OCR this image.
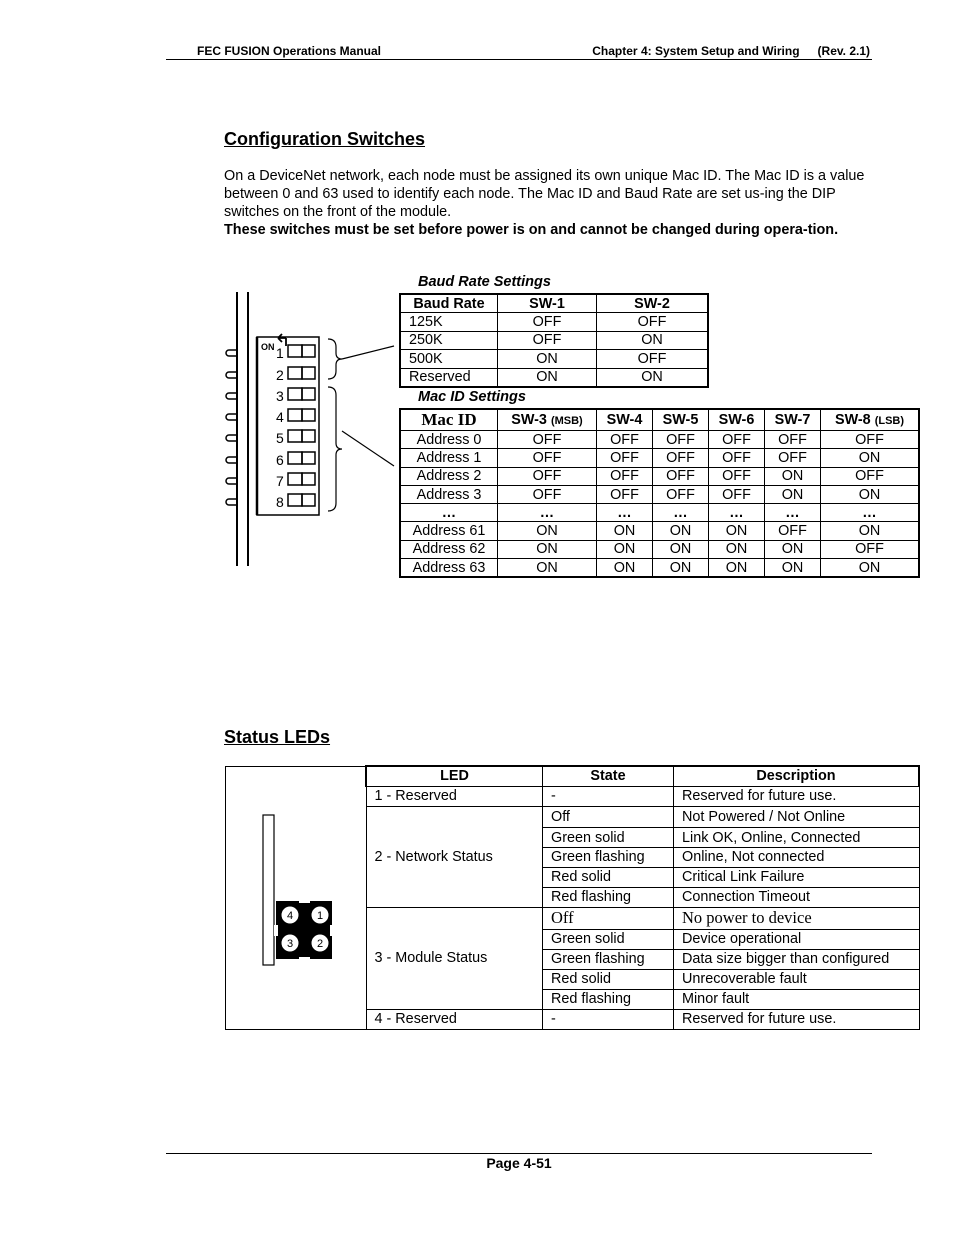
FEC FUSION Operations Manual	Chapter 4: System Setup and Wiring (Rev. 2.1)
Configuration Switches
On a DeviceNet network, each node must be assigned its own unique Mac ID. The Mac ID is a value between 0 and 63 used to identify each node. The Mac ID and Baud Rate are set us-ing the DIP switches on the front of the module.
These switches must be set before power is on and cannot be changed during opera-tion.
ON 1
2
3
4
5
6
7
8
Baud Rate Settings
Baud Rate	SW-1	SW-2
125K	OFF	OFF
250K	OFF	ON
500K	ON	OFF
Reserved	ON	ON
Mac ID Settings
Mac ID	SW-3 (MSB)	SW-4	SW-5	SW-6	SW-7	SW-8 (LSB)
Address 0	OFF	OFF	OFF	OFF	OFF	OFF
Address 1	OFF	OFF	OFF	OFF	OFF	ON
Address 2	OFF	OFF	OFF	OFF	ON	OFF
Address 3	OFF	OFF	OFF	OFF	ON	ON
…	…	…	…	…	…	…
Address 61	ON	ON	ON	ON	OFF	ON
Address 62	ON	ON	ON	ON	ON	OFF
Address 63	ON	ON	ON	ON	ON	ON
Status LEDs
4 1
3 2	LED	State	Description
	1 - Reserved	-	Reserved for future use.
	2 - Network Status	Off	Not Powered / Not Online
		Green solid	Link OK, Online, Connected
		Green flashing	Online, Not connected
		Red solid	Critical Link Failure
		Red flashing	Connection Timeout
	3 - Module Status	Off	No power to device
		Green solid	Device operational
		Green flashing	Data size bigger than configured
		Red solid	Unrecoverable fault
		Red flashing	Minor fault
	4 - Reserved	-	Reserved for future use.
Page 4-51
